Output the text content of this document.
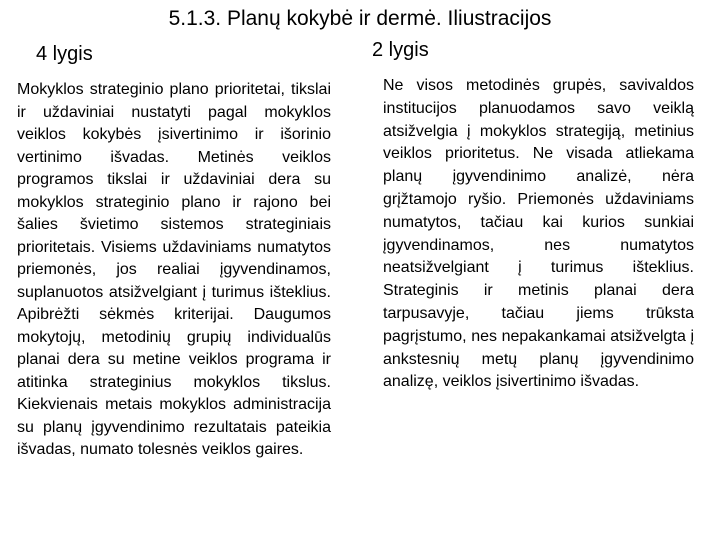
5.1.3. Planų kokybė ir dermė. Iliustracijos
4 lygis	2 lygis

Mokyklos strateginio plano prioritetai, tikslai ir uždaviniai nustatyti pagal mokyklos veiklos kokybės įsivertinimo ir išorinio vertinimo išvadas. Metinės veiklos programos tikslai ir uždaviniai dera su mokyklos strateginio plano ir rajono bei šalies švietimo sistemos strateginiais prioritetais. Visiems uždaviniams numatytos priemonės, jos realiai įgyvendinamos, suplanuotos atsižvelgiant į turimus išteklius. Apibrėžti sėkmės kriterijai. Daugumos mokytojų, metodinių grupių individualūs planai dera su metine veiklos programa ir atitinka strateginius mokyklos tikslus. Kiekvienais metais mokyklos administracija su planų įgyvendinimo rezultatais pateikia išvadas, numato tolesnės veiklos gaires.

Ne visos metodinės grupės, savivaldos institucijos planuodamos savo veiklą atsižvelgia į mokyklos strategiją, metinius veiklos prioritetus. Ne visada atliekama planų įgyvendinimo analizė, nėra grįžtamojo ryšio. Priemonės uždaviniams numatytos, tačiau kai kurios sunkiai įgyvendinamos, nes numatytos neatsižvelgiant į turimus išteklius. Strateginis ir metinis planai dera tarpusavyje, tačiau jiems trūksta pagrįstumo, nes nepakankamai atsižvelgta į ankstesnių metų planų įgyvendinimo analizę, veiklos įsivertinimo išvadas.
